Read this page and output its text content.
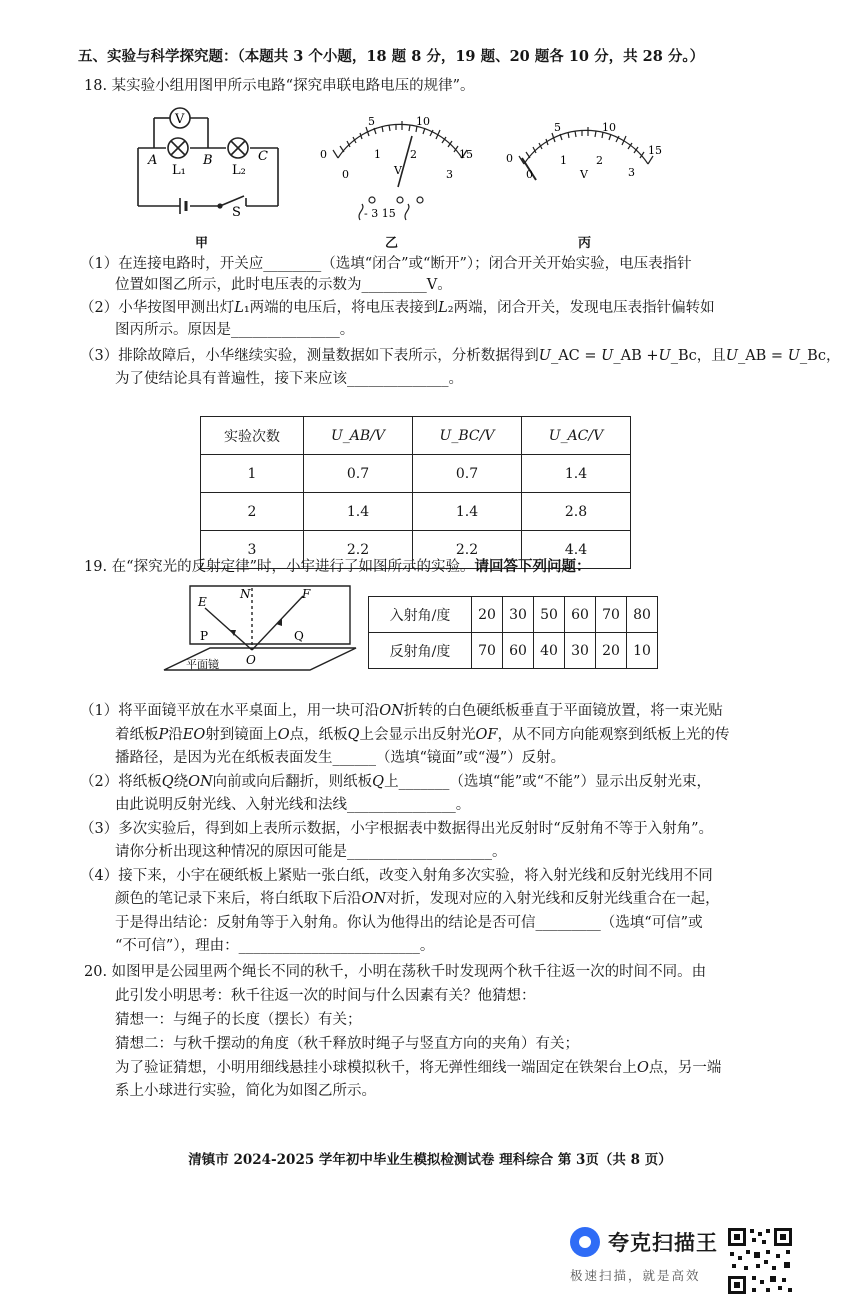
五、实验与科学探究题：（本题共 3 个小题，18 题 8 分，19 题、20 题各 10 分，共 28 分。）
18. 某实验小组用图甲所示电路“探究串联电路电压的规律”。
V
A	B	C
L₁	L₂
S
甲
0
5	10
15
0
1	2
3
V
- 3 15
乙
0
5	10
15
0
1	2
3
V
丙
（1）在连接电路时，开关应________（选填“闭合”或“断开”）；闭合开关开始实验，电压表指针
位置如图乙所示，此时电压表的示数为_________V。
（2）小华按图甲测出灯𝐿₁两端的电压后，将电压表接到𝐿₂两端，闭合开关，发现电压表指针偏转如
图丙所示。原因是_______________。
（3）排除故障后，小华继续实验，测量数据如下表所示，分析数据得到𝑈_AC = 𝑈_AB +𝑈_Bc，且𝑈_AB = 𝑈_Bc，
为了使结论具有普遍性，接下来应该______________。
实验次数	U_AB/V	U_BC/V	U_AC/V
1	0.7	0.7	1.4
2	1.4	1.4	2.8
3	2.2	2.2	4.4
19. 在“探究光的反射定律”时，小宇进行了如图所示的实验。请回答下列问题：
E
N	F
P	Q
O
平面镜
入射角/度	20	30	50	60	70	80
反射角/度	70	60	40	30	20	10
（1）将平面镜平放在水平桌面上，用一块可沿𝑂𝑁折转的白色硬纸板垂直于平面镜放置，将一束光贴
着纸板𝑃沿𝐸𝑂射到镜面上𝑂点，纸板𝑄上会显示出反射光𝑂𝐹，从不同方向能观察到纸板上光的传
播路径，是因为光在纸板表面发生______（选填“镜面”或“漫”）反射。
（2）将纸板𝑄绕𝑂𝑁向前或向后翻折，则纸板𝑄上_______（选填“能”或“不能”）显示出反射光束，
由此说明反射光线、入射光线和法线_______________。
（3）多次实验后，得到如上表所示数据，小宇根据表中数据得出光反射时“反射角不等于入射角”。
请你分析出现这种情况的原因可能是____________________。
（4）接下来，小宇在硬纸板上紧贴一张白纸，改变入射角多次实验，将入射光线和反射光线用不同
颜色的笔记录下来后，将白纸取下后沿𝑂𝑁对折，发现对应的入射光线和反射光线重合在一起，
于是得出结论：反射角等于入射角。你认为他得出的结论是否可信_________（选填“可信”或
“不可信”），理由：_________________________。
20. 如图甲是公园里两个绳长不同的秋千，小明在荡秋千时发现两个秋千往返一次的时间不同。由
此引发小明思考：秋千往返一次的时间与什么因素有关？他猜想：
猜想一：与绳子的长度（摆长）有关；
猜想二：与秋千摆动的角度（秋千释放时绳子与竖直方向的夹角）有关；
为了验证猜想，小明用细线悬挂小球模拟秋千，将无弹性细线一端固定在铁架台上𝑂点，另一端
系上小球进行实验，简化为如图乙所示。
清镇市 2024-2025 学年初中毕业生模拟检测试卷 理科综合 第 3页（共 8 页）
夸克扫描王
极速扫描，就是高效
